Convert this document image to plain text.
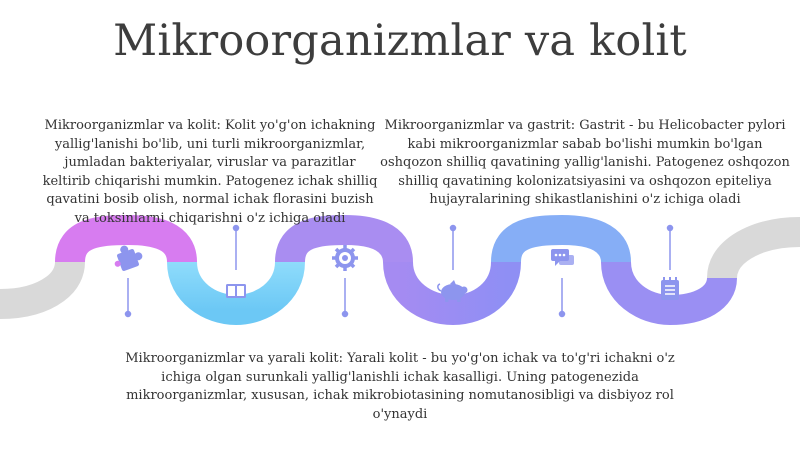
Mikroorganizmlar va kolit
Mikroorganizmlar va kolit: Kolit yo'g'on ichakning yallig'lanishi bo'lib, uni turli mikroorganizmlar, jumladan bakteriyalar, viruslar va parazitlar keltirib chiqarishi mumkin. Patogenez ichak shilliq qavatini bosib olish, normal ichak florasini buzish va toksinlarni chiqarishni o'z ichiga oladi
Mikroorganizmlar va gastrit: Gastrit - bu Helicobacter pylori kabi mikroorganizmlar sabab bo'lishi mumkin bo'lgan oshqozon shilliq qavatining yallig'lanishi. Patogenez oshqozon shilliq qavatining kolonizatsiyasini va oshqozon epiteliya hujayralarining shikastlanishini o'z ichiga oladi
Mikroorganizmlar va yarali kolit: Yarali kolit - bu yo'g'on ichak va to'g'ri ichakni o'z ichiga olgan surunkali yallig'lanishli ichak kasalligi. Uning patogenezida mikroorganizmlar, xususan, ichak mikrobiotasining nomutanosibligi va disbiyoz rol o'ynaydi
